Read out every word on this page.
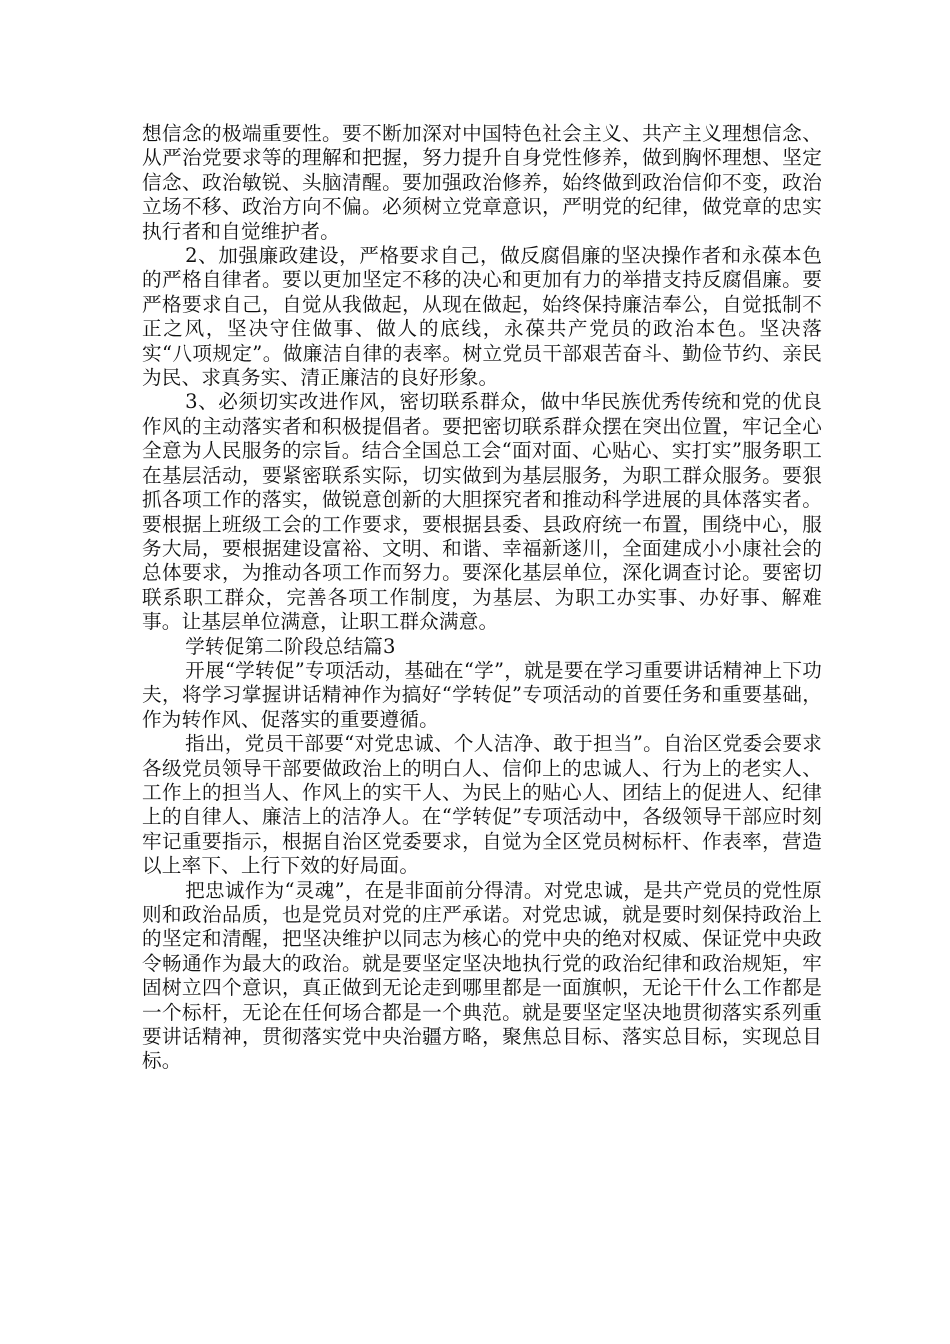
想信念的极端重要性。要不断加深对中国特色社会主义、共产主义理想信念、从严治党要求等的理解和把握，努力提升自身党性修养，做到胸怀理想、坚定信念、政治敏锐、头脑清醒。要加强政治修养，始终做到政治信仰不变，政治立场不移、政治方向不偏。必须树立党章意识，严明党的纪律，做党章的忠实执行者和自觉维护者。

2、加强廉政建设，严格要求自己，做反腐倡廉的坚决操作者和永葆本色的严格自律者。要以更加坚定不移的决心和更加有力的举措支持反腐倡廉。要严格要求自己，自觉从我做起，从现在做起，始终保持廉洁奉公，自觉抵制不正之风，坚决守住做事、做人的底线，永葆共产党员的政治本色。坚决落实“八项规定”。做廉洁自律的表率。树立党员干部艰苦奋斗、勤俭节约、亲民为民、求真务实、清正廉洁的良好形象。

3、必须切实改进作风，密切联系群众，做中华民族优秀传统和党的优良作风的主动落实者和积极提倡者。要把密切联系群众摆在突出位置，牢记全心全意为人民服务的宗旨。结合全国总工会“面对面、心贴心、实打实”服务职工在基层活动，要紧密联系实际，切实做到为基层服务，为职工群众服务。要狠抓各项工作的落实，做锐意创新的大胆探究者和推动科学进展的具体落实者。要根据上班级工会的工作要求，要根据县委、县政府统一布置，围绕中心，服务大局，要根据建设富裕、文明、和谐、幸福新遂川，全面建成小小康社会的总体要求，为推动各项工作而努力。要深化基层单位，深化调查讨论。要密切联系职工群众，完善各项工作制度，为基层、为职工办实事、办好事、解难事。让基层单位满意，让职工群众满意。

学转促第二阶段总结篇3

开展“学转促”专项活动，基础在“学”，就是要在学习重要讲话精神上下功夫，将学习掌握讲话精神作为搞好“学转促”专项活动的首要任务和重要基础，作为转作风、促落实的重要遵循。

指出，党员干部要“对党忠诚、个人洁净、敢于担当”。自治区党委会要求各级党员领导干部要做政治上的明白人、信仰上的忠诚人、行为上的老实人、工作上的担当人、作风上的实干人、为民上的贴心人、团结上的促进人、纪律上的自律人、廉洁上的洁净人。在“学转促”专项活动中，各级领导干部应时刻牢记重要指示，根据自治区党委要求，自觉为全区党员树标杆、作表率，营造以上率下、上行下效的好局面。

把忠诚作为“灵魂”，在是非面前分得清。对党忠诚，是共产党员的党性原则和政治品质，也是党员对党的庄严承诺。对党忠诚，就是要时刻保持政治上的坚定和清醒，把坚决维护以同志为核心的党中央的绝对权威、保证党中央政令畅通作为最大的政治。就是要坚定坚决地执行党的政治纪律和政治规矩，牢固树立四个意识，真正做到无论走到哪里都是一面旗帜，无论干什么工作都是一个标杆，无论在任何场合都是一个典范。就是要坚定坚决地贯彻落实系列重要讲话精神，贯彻落实党中央治疆方略，聚焦总目标、落实总目标，实现总目标。
